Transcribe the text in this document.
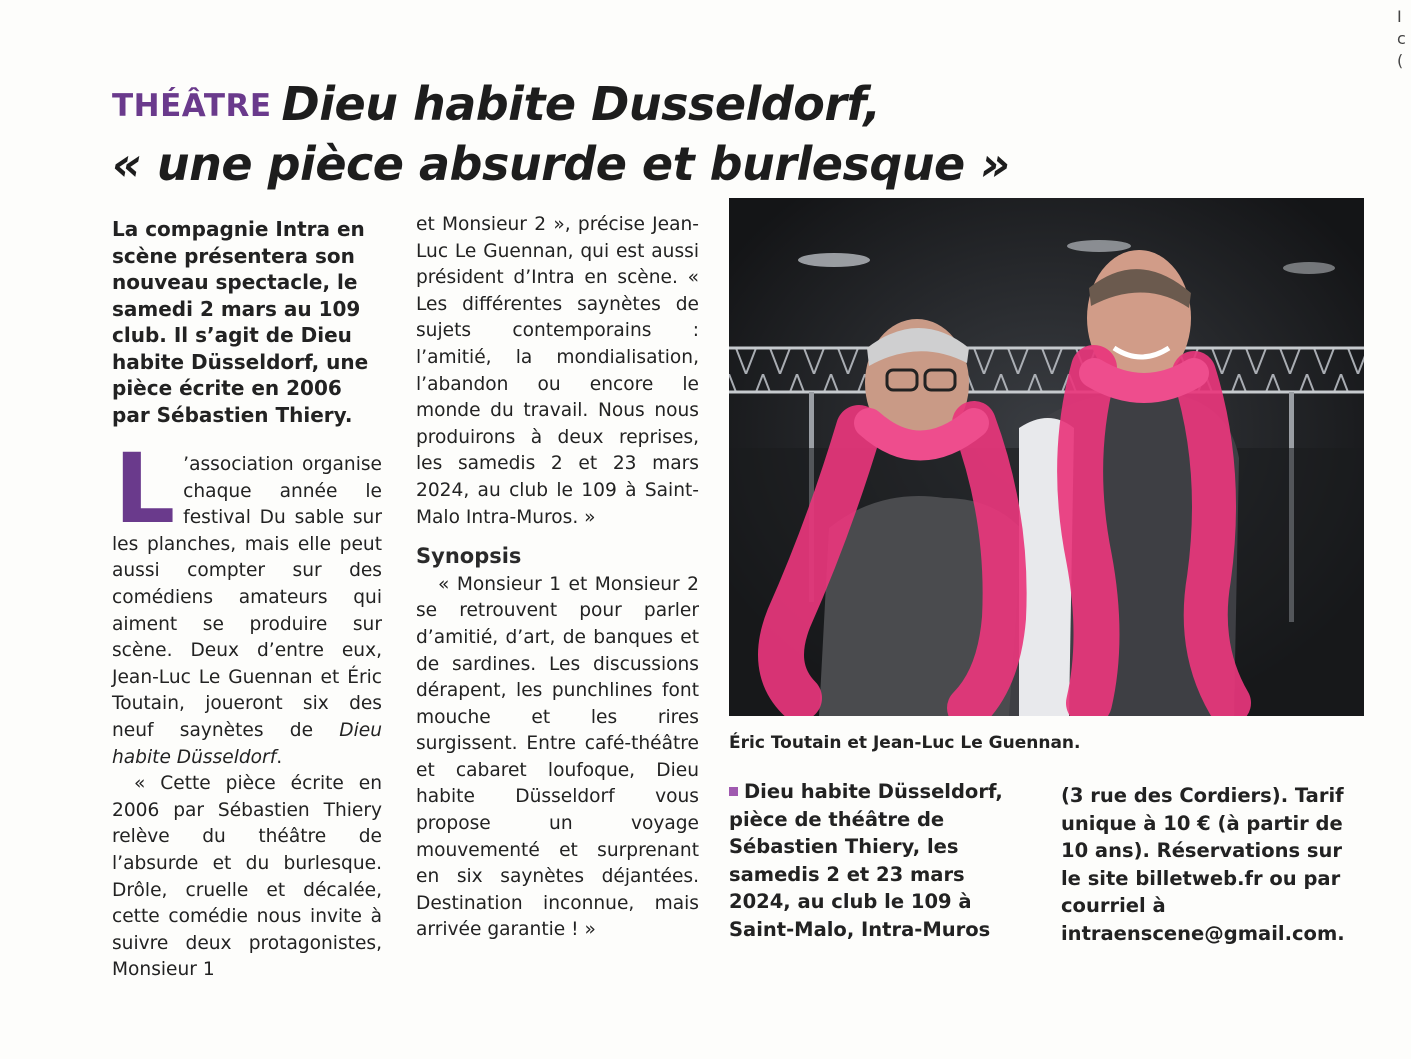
I
c
(
THÉÂTRE Dieu habite Dusseldorf,
« une pièce absurde et burlesque »

La compagnie Intra en scène présentera son nouveau spectacle, le samedi 2 mars au 109 club. Il s’agit de Dieu habite Düsseldorf, une pièce écrite en 2006 par Sébastien Thiery.

L ’association organise chaque année le festival Du sable sur les planches, mais elle peut aussi compter sur des comédiens amateurs qui aiment se produire sur scène. Deux d’entre eux, Jean-Luc Le Guennan et Éric Toutain, joueront six des neuf saynètes de Dieu habite Düsseldorf.

« Cette pièce écrite en 2006 par Sébastien Thiery relève du théâtre de l’absurde et du burlesque. Drôle, cruelle et décalée, cette comédie nous invite à suivre deux protagonistes, Monsieur 1

et Monsieur 2 », précise Jean-Luc Le Guennan, qui est aussi président d’Intra en scène. « Les différentes saynètes de sujets contemporains : l’amitié, la mondialisation, l’abandon ou encore le monde du travail. Nous nous produirons à deux reprises, les samedis 2 et 23 mars 2024, au club le 109 à Saint-Malo Intra-Muros. »

Synopsis

« Monsieur 1 et Monsieur 2 se retrouvent pour parler d’amitié, d’art, de banques et de sardines. Les discussions dérapent, les punchlines font mouche et les rires surgissent. Entre café-théâtre et cabaret loufoque, Dieu habite Düsseldorf vous propose un voyage mouvementé et surprenant en six saynètes déjantées. Destination inconnue, mais arrivée garantie ! »

Éric Toutain et Jean-Luc Le Guennan.
Dieu habite Düsseldorf, pièce de théâtre de Sébastien Thiery, les samedis 2 et 23 mars 2024, au club le 109 à Saint-Malo, Intra-Muros
(3 rue des Cordiers). Tarif unique à 10 € (à partir de 10 ans). Réservations sur le site billetweb.fr ou par courriel à intraenscene@gmail.com.
